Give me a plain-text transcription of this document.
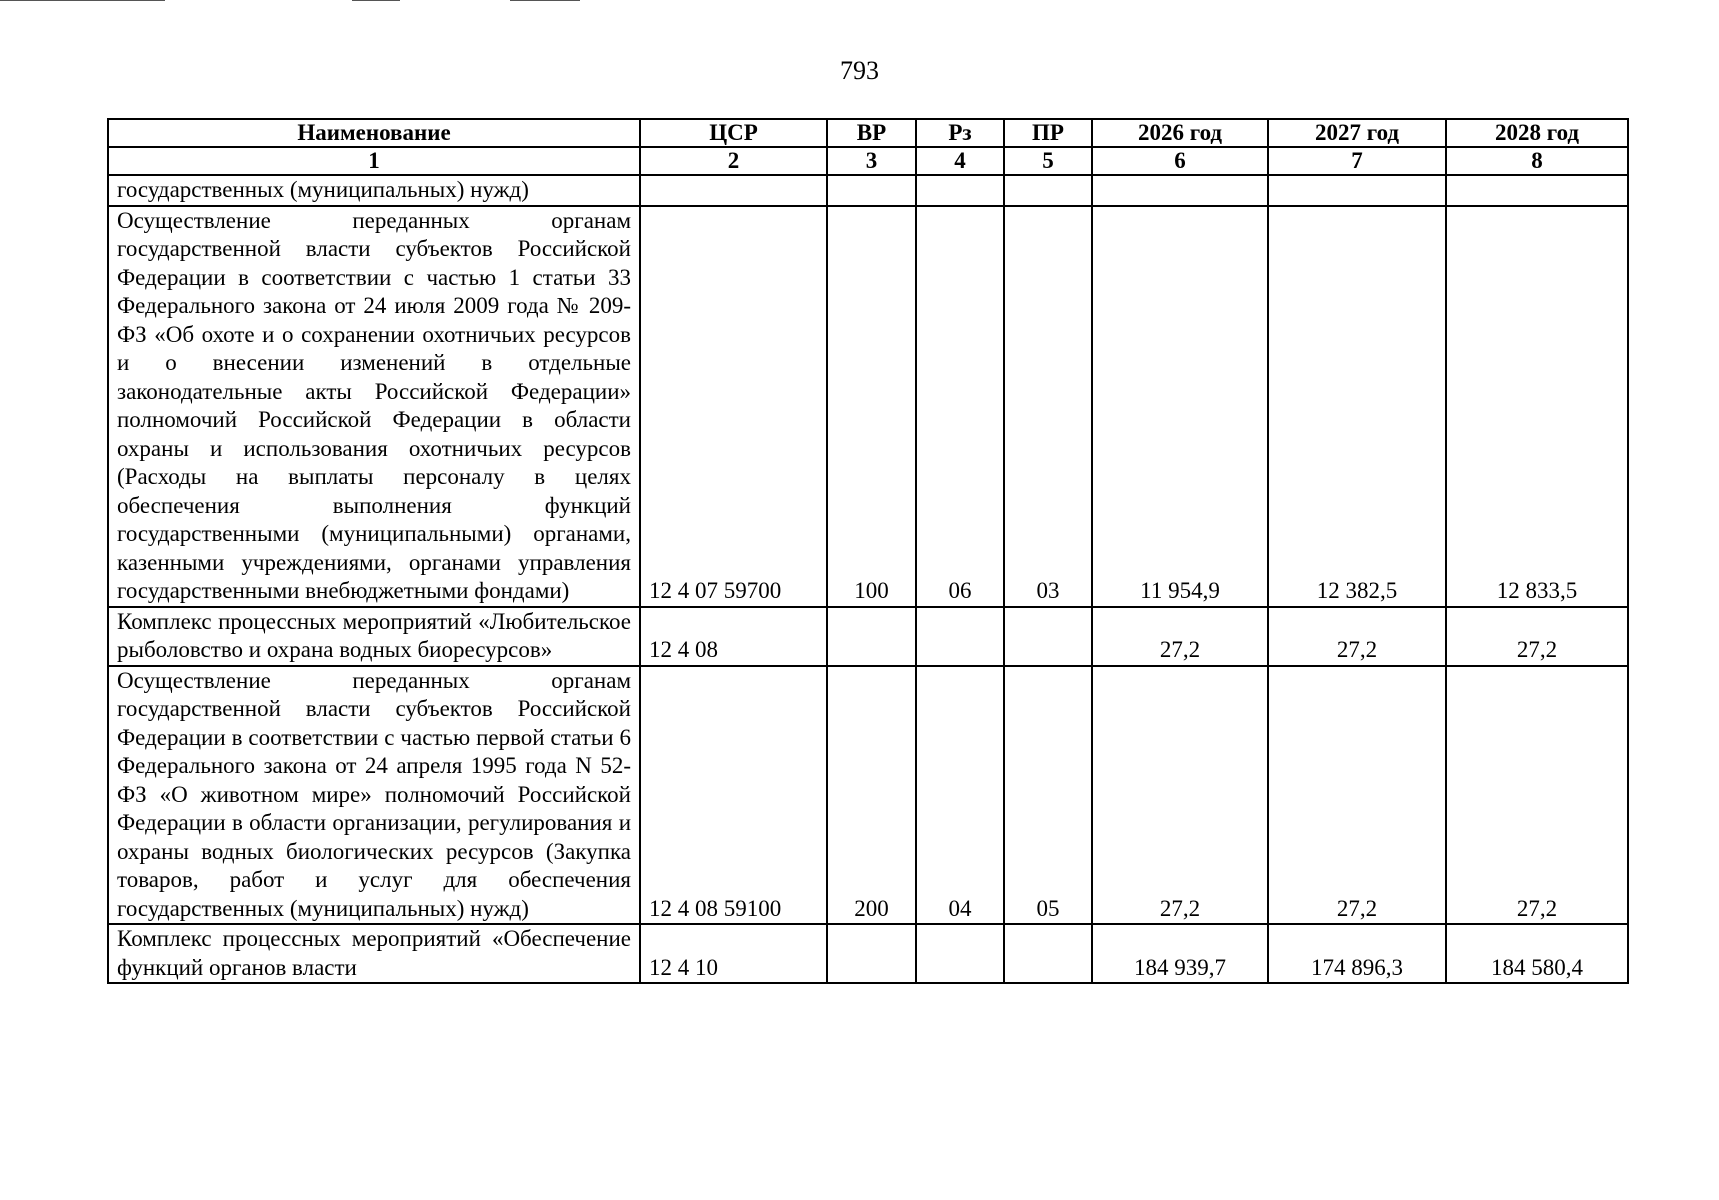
793
Наименование	ЦСР	ВР	Рз	ПР	2026 год	2027 год	2028 год
1	2	3	4	5	6	7	8
государственных (муниципальных) нужд)							
Осуществление переданных органам государственной власти субъектов Российской Федерации в соответствии с частью 1 статьи 33 Федерального закона от 24 июля 2009 года № 209-ФЗ «Об охоте и о сохранении охотничьих ресурсов и о внесении изменений в отдельные законодательные акты Российской Федерации» полномочий Российской Федерации в области охраны и использования охотничьих ресурсов (Расходы на выплаты персоналу в целях обеспечения выполнения функций государственными (муниципальными) органами, казенными учреждениями, органами управления государственными внебюджетными фондами)	12 4 07 59700	100	06	03	11 954,9	12 382,5	12 833,5
Комплекс процессных мероприятий «Любительское рыболовство и охрана водных биоресурсов»	12 4 08				27,2	27,2	27,2
Осуществление переданных органам государственной власти субъектов Российской Федерации в соответствии с частью первой статьи 6 Федерального закона от 24 апреля 1995 года N 52-ФЗ «О животном мире» полномочий Российской Федерации в области организации, регулирования и охраны водных биологических ресурсов (Закупка товаров, работ и услуг для обеспечения государственных (муниципальных) нужд)	12 4 08 59100	200	04	05	27,2	27,2	27,2
Комплекс процессных мероприятий «Обеспечение функций органов власти	12 4 10				184 939,7	174 896,3	184 580,4
